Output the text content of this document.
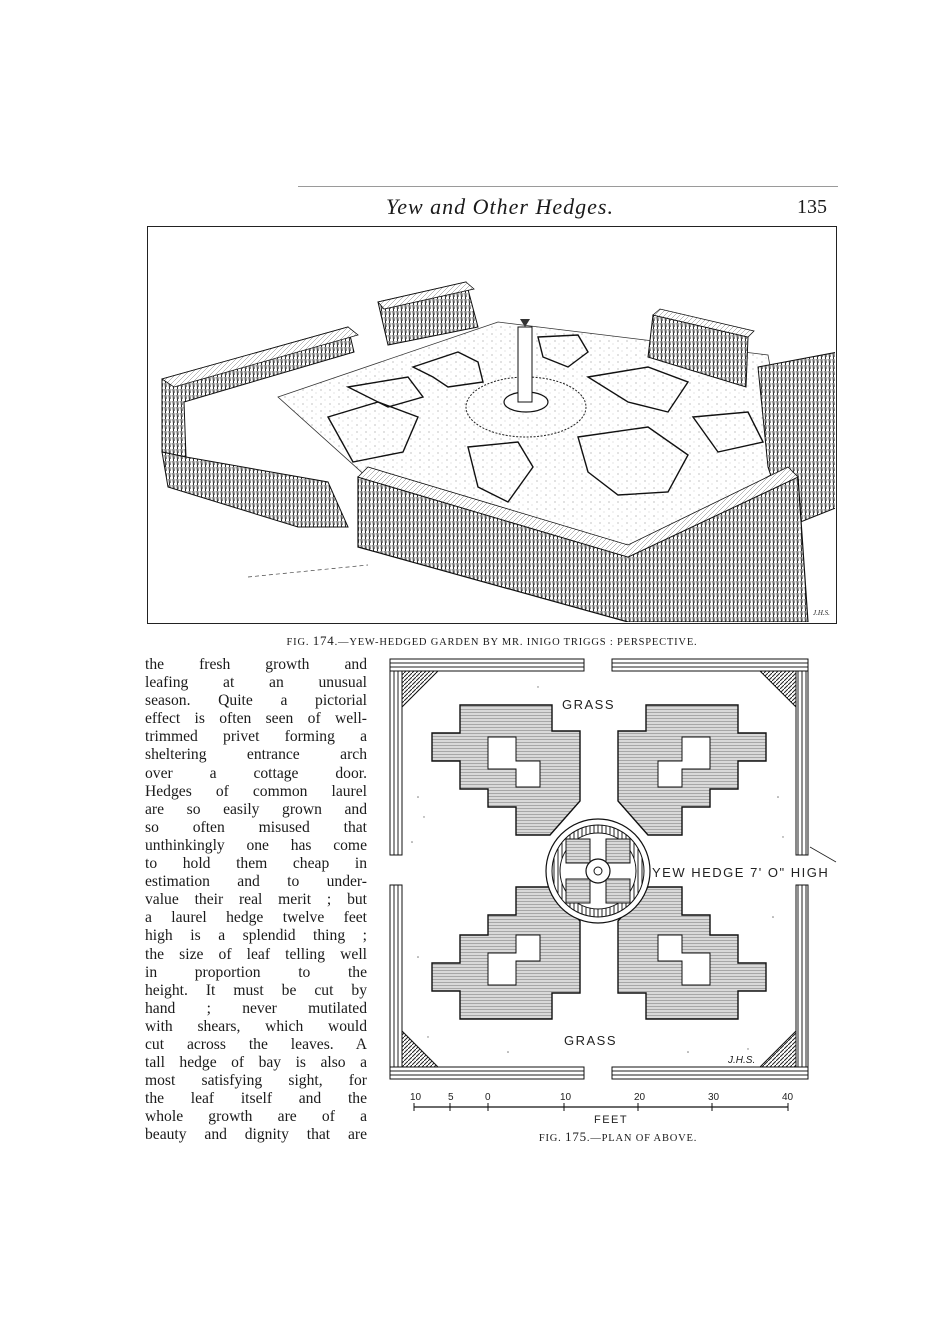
Yew and Other Hedges.	135
J.H.S.
FIG. 174.—YEW-HEDGED GARDEN BY MR. INIGO TRIGGS : PERSPECTIVE.
the fresh growth and
leafing at an unusual
season. Quite a pictorial
effect is often seen of well-
trimmed privet forming a
sheltering entrance arch
over a cottage door.
Hedges of common laurel
are so easily grown and
so often misused that
unthinkingly one has come
to hold them cheap in
estimation and to under-
value their real merit ; but
a laurel hedge twelve feet
high is a splendid thing ;
the size of leaf telling well
in proportion to the
height. It must be cut by
hand ; never mutilated
with shears, which would
cut across the leaves. A
tall hedge of bay is also a
most satisfying sight, for
the leaf itself and the
whole growth are of a
beauty and dignity that are
GRASS
GRASS
YEW HEDGE 7' O" HIGH
J.H.S.
10	5	0	10	20	30	40
FEET
FIG. 175.—PLAN OF ABOVE.
